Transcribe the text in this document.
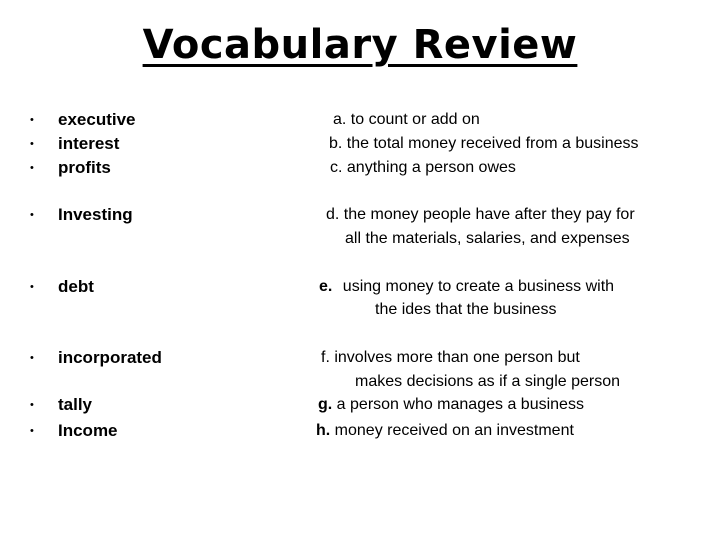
Vocabulary Review
•
•
•
•
•
•
•
•
executive
interest
profits
Investing
debt
incorporated
tally
Income
a. to count or add on
b. the total money received from a business
c. anything a person owes
d. the money people have after they pay for
all the materials, salaries, and expenses
e. using money to create a business with
the ides that the business
f. involves more than one person but
makes decisions as if a single person
g. a person who manages a business
h. money received on an investment
